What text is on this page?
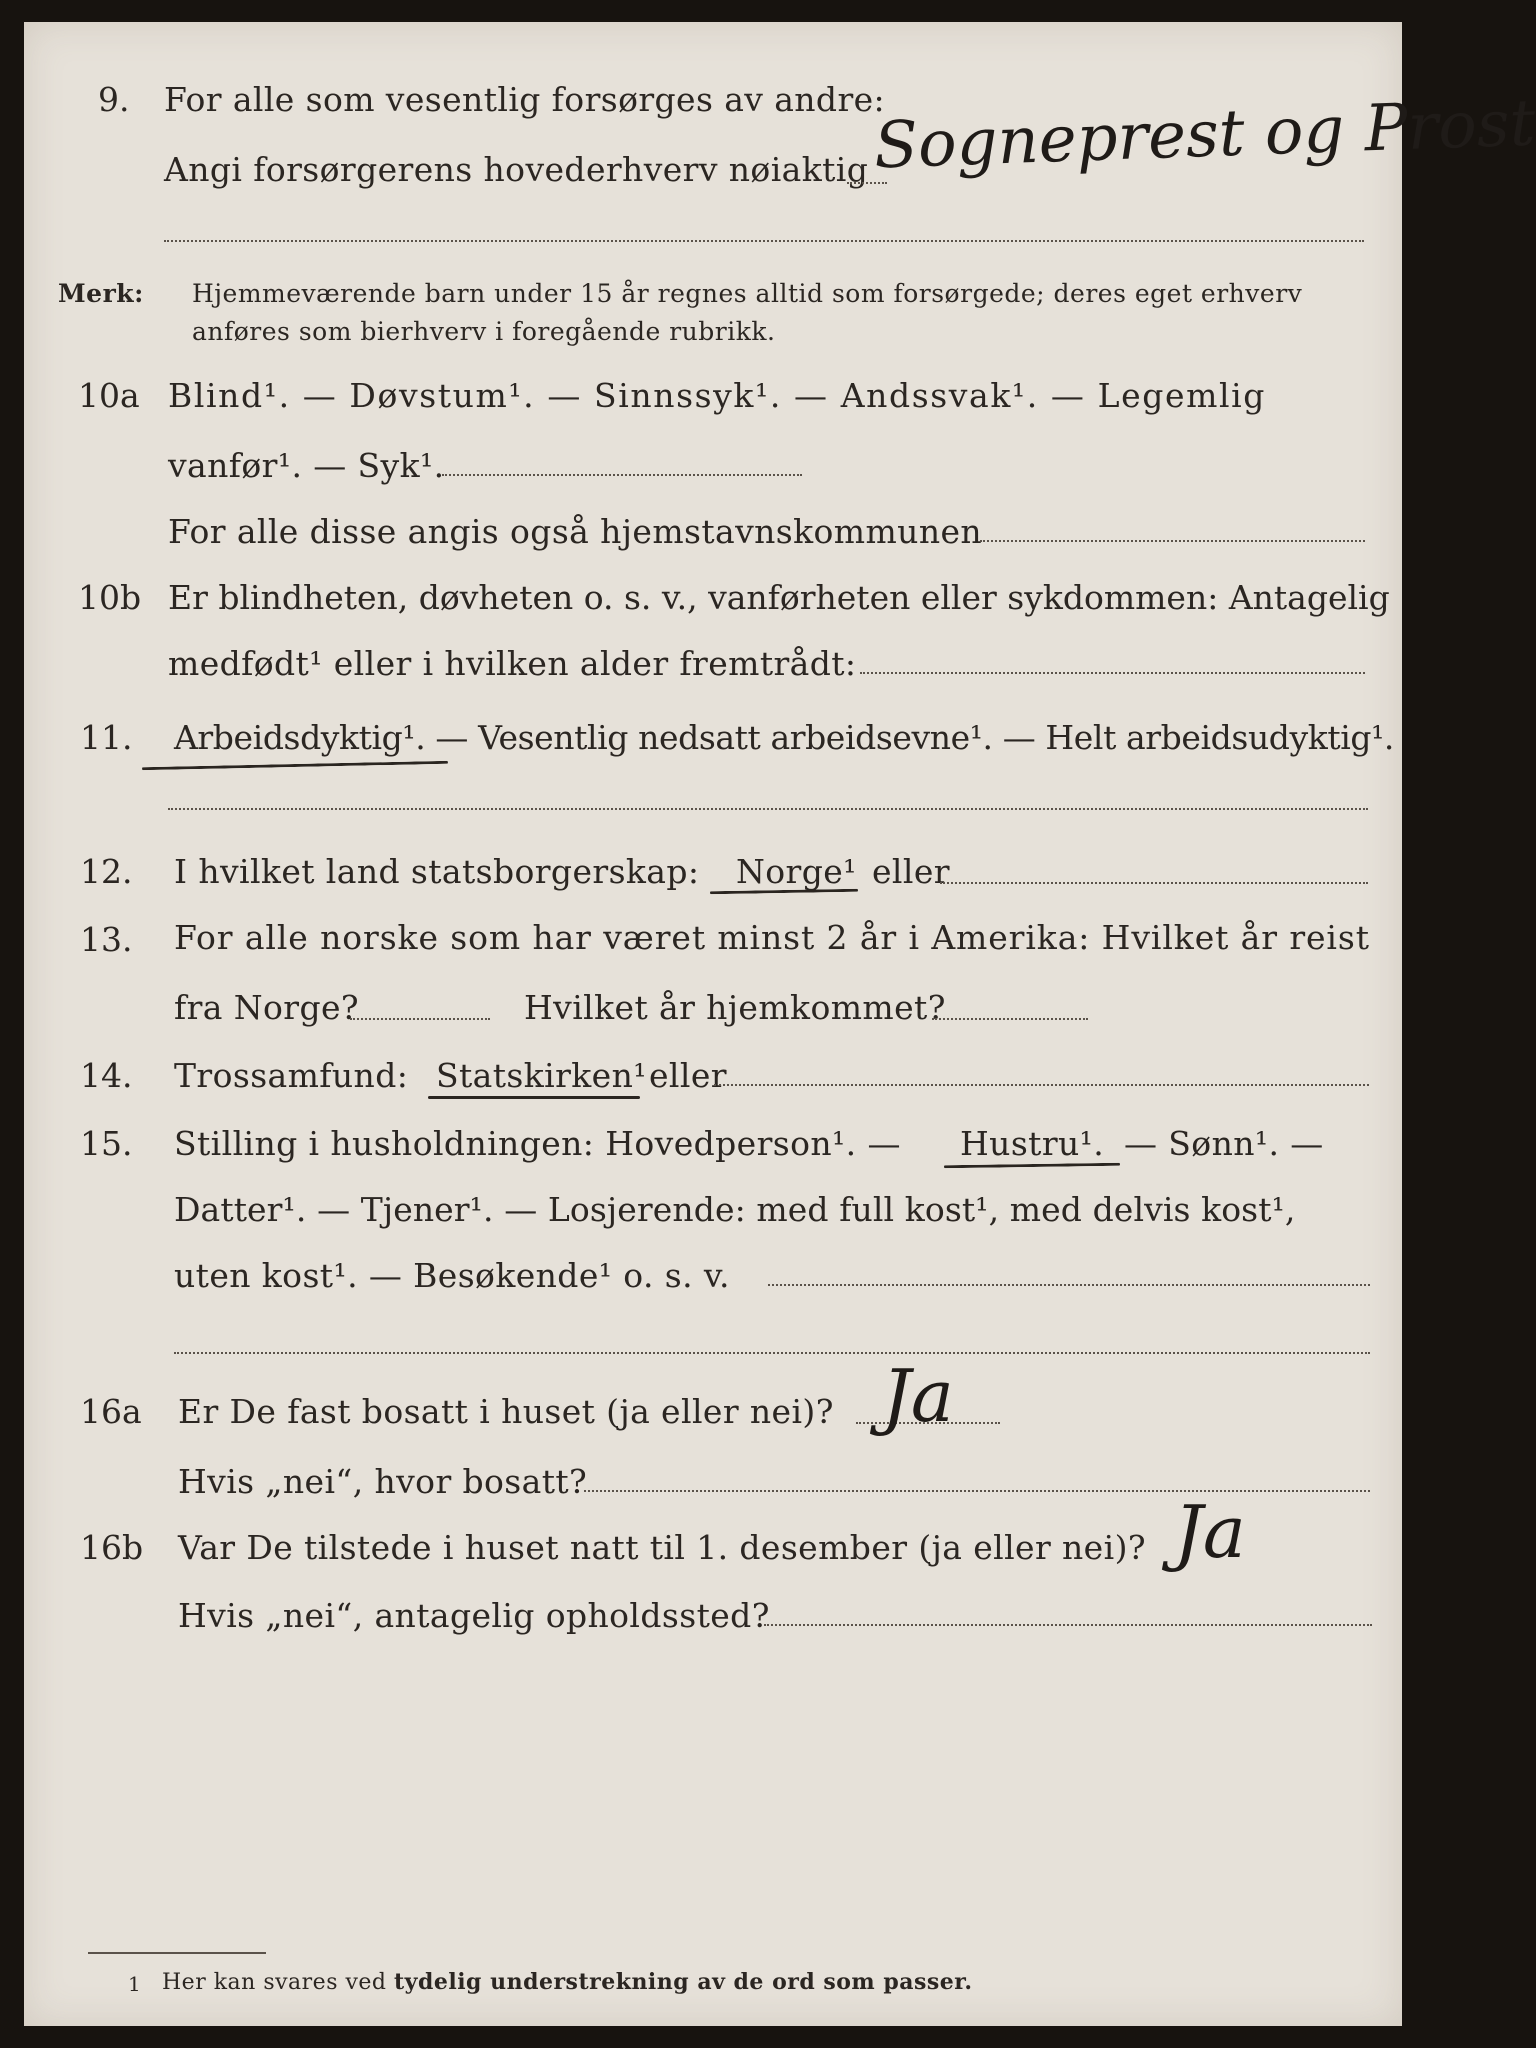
9. For alle som vesentlig forsørges av andre:
Angi forsørgerens hovederhverv nøiaktig Sogneprest og Prost
Merk: Hjemmeværende barn under 15 år regnes alltid som forsørgede; deres eget erhverv
anføres som bierhverv i foregående rubrikk.
10a Blind¹. — Døvstum¹. — Sinnssyk¹. — Andssvak¹. — Legemlig
vanfør¹. — Syk¹.
For alle disse angis også hjemstavnskommunen
10b Er blindheten, døvheten o. s. v., vanførheten eller sykdommen: Antagelig
medfødt¹ eller i hvilken alder fremtrådt:
11. Arbeidsdyktig¹. — Vesentlig nedsatt arbeidsevne¹. — Helt arbeidsudyktig¹.
12. I hvilket land statsborgerskap: Norge¹ eller
13. For alle norske som har været minst 2 år i Amerika: Hvilket år reist
fra Norge?	Hvilket år hjemkommet?
14. Trossamfund: Statskirken¹ eller
15. Stilling i husholdningen: Hovedperson¹. — Hustru¹. — Sønn¹. —
Datter¹. — Tjener¹. — Losjerende: med full kost¹, med delvis kost¹,
uten kost¹. — Besøkende¹ o. s. v.
16a Er De fast bosatt i huset (ja eller nei)? Ja
Hvis „nei“, hvor bosatt?
16b Var De tilstede i huset natt til 1. desember (ja eller nei)? Ja
Hvis „nei“, antagelig opholdssted?
1 Her kan svares ved tydelig understrekning av de ord som passer.
